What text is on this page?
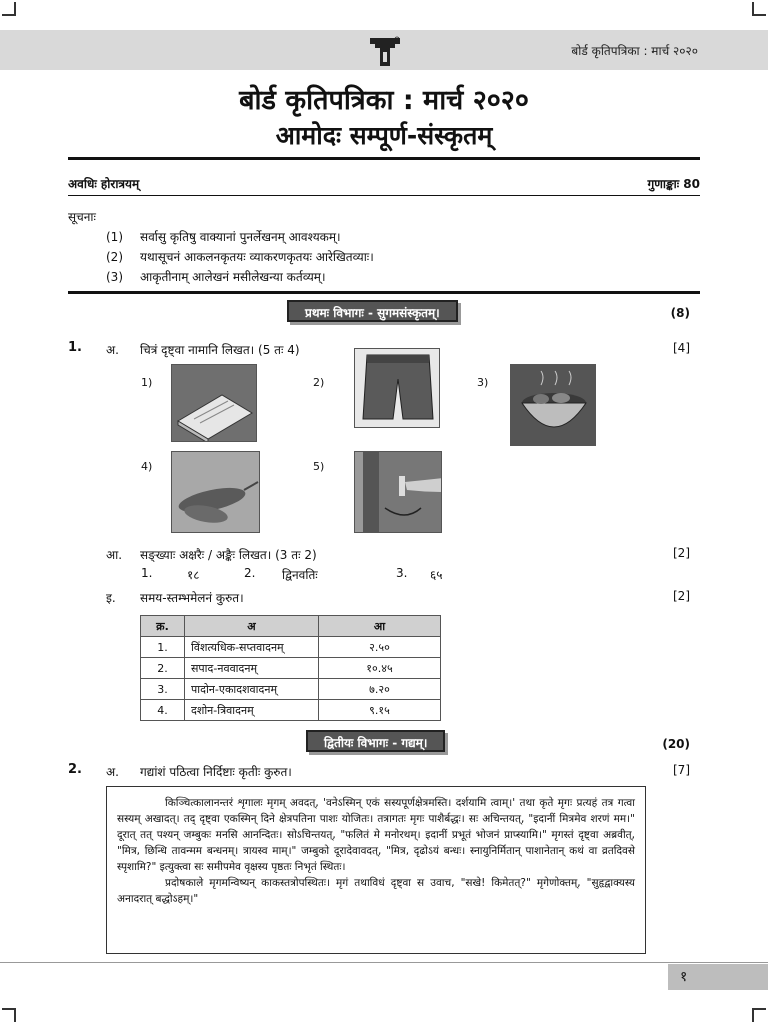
बोर्ड कृतिपत्रिका : मार्च २०२०
बोर्ड कृतिपत्रिका : मार्च २०२०
आमोदः सम्पूर्ण-संस्कृतम्
अवधिः होरात्रयम्	गुणाङ्काः 80
सूचनाः
(1) सर्वासु कृतिषु वाक्यानां पुनर्लेखनम् आवश्यकम्।
(2) यथासूचनं आकलनकृतयः व्याकरणकृतयः आरेखितव्याः।
(3) आकृतीनाम् आलेखनं मसीलेखन्या कर्तव्यम्।
प्रथमः विभागः - सुगमसंस्कृतम्।	(8)
1. अ. चित्रं दृष्ट्वा नामानि लिखत। (5 तः 4)	[4]
1)	2)	3)
4)	5)
आ. सङ्ख्याः अक्षरैः / अङ्कैः लिखत। (3 तः 2)	[2]
1.	१८	2. द्विनवतिः	3. ६५
इ. समय-स्तम्भमेलनं कुरुत।	[2]
क्र.	अ	आ
1.	विंशत्यधिक-सप्तवादनम्	२.५०
2.	सपाद-नववादनम्	१०.४५
3.	पादोन-एकादशवादनम्	७.२०
4.	दशोन-त्रिवादनम्	९.१५
द्वितीयः विभागः - गद्यम्।	(20)
2. अ. गद्यांशं पठित्वा निर्दिष्टाः कृतीः कुरुत।	[7]

किञ्चित्कालानन्तरं शृगालः मृगम् अवदत्, 'वनेऽस्मिन् एकं सस्यपूर्णक्षेत्रमस्ति। दर्शयामि त्वाम्।' तथा कृते मृगः प्रत्यहं तत्र गत्वा सस्यम् अखादत्। तद् दृष्ट्वा एकस्मिन् दिने क्षेत्रपतिना पाशः योजितः। तत्रागतः मृगः पाशैर्बद्धः। सः अचिन्तयत्, "इदानीं मित्रमेव शरणं मम।" दूरात् तत् पश्यन् जम्बुकः मनसि आनन्दितः। सोऽचिन्तयत्, "फलितं मे मनोरथम्। इदानीं प्रभूतं भोजनं प्राप्स्यामि।" मृगस्तं दृष्ट्वा अब्रवीत्, "मित्र, छिन्धि तावन्मम बन्धनम्। त्रायस्व माम्।" जम्बुको दूरादेवावदत्, "मित्र, दृढोऽयं बन्धः। स्नायुनिर्मितान् पाशानेतान् कथं वा व्रतदिवसे स्पृशामि?" इत्युक्त्वा सः समीपमेव वृक्षस्य पृष्ठतः निभृतं स्थितः।

प्रदोषकाले मृगमन्विष्यन् काकस्तत्रोपस्थितः। मृगं तथाविधं दृष्ट्वा स उवाच, "सखे! किमेतत्?" मृगेणोक्तम्, "सुहृद्वाक्यस्य अनादरात् बद्धोऽहम्।"

१
